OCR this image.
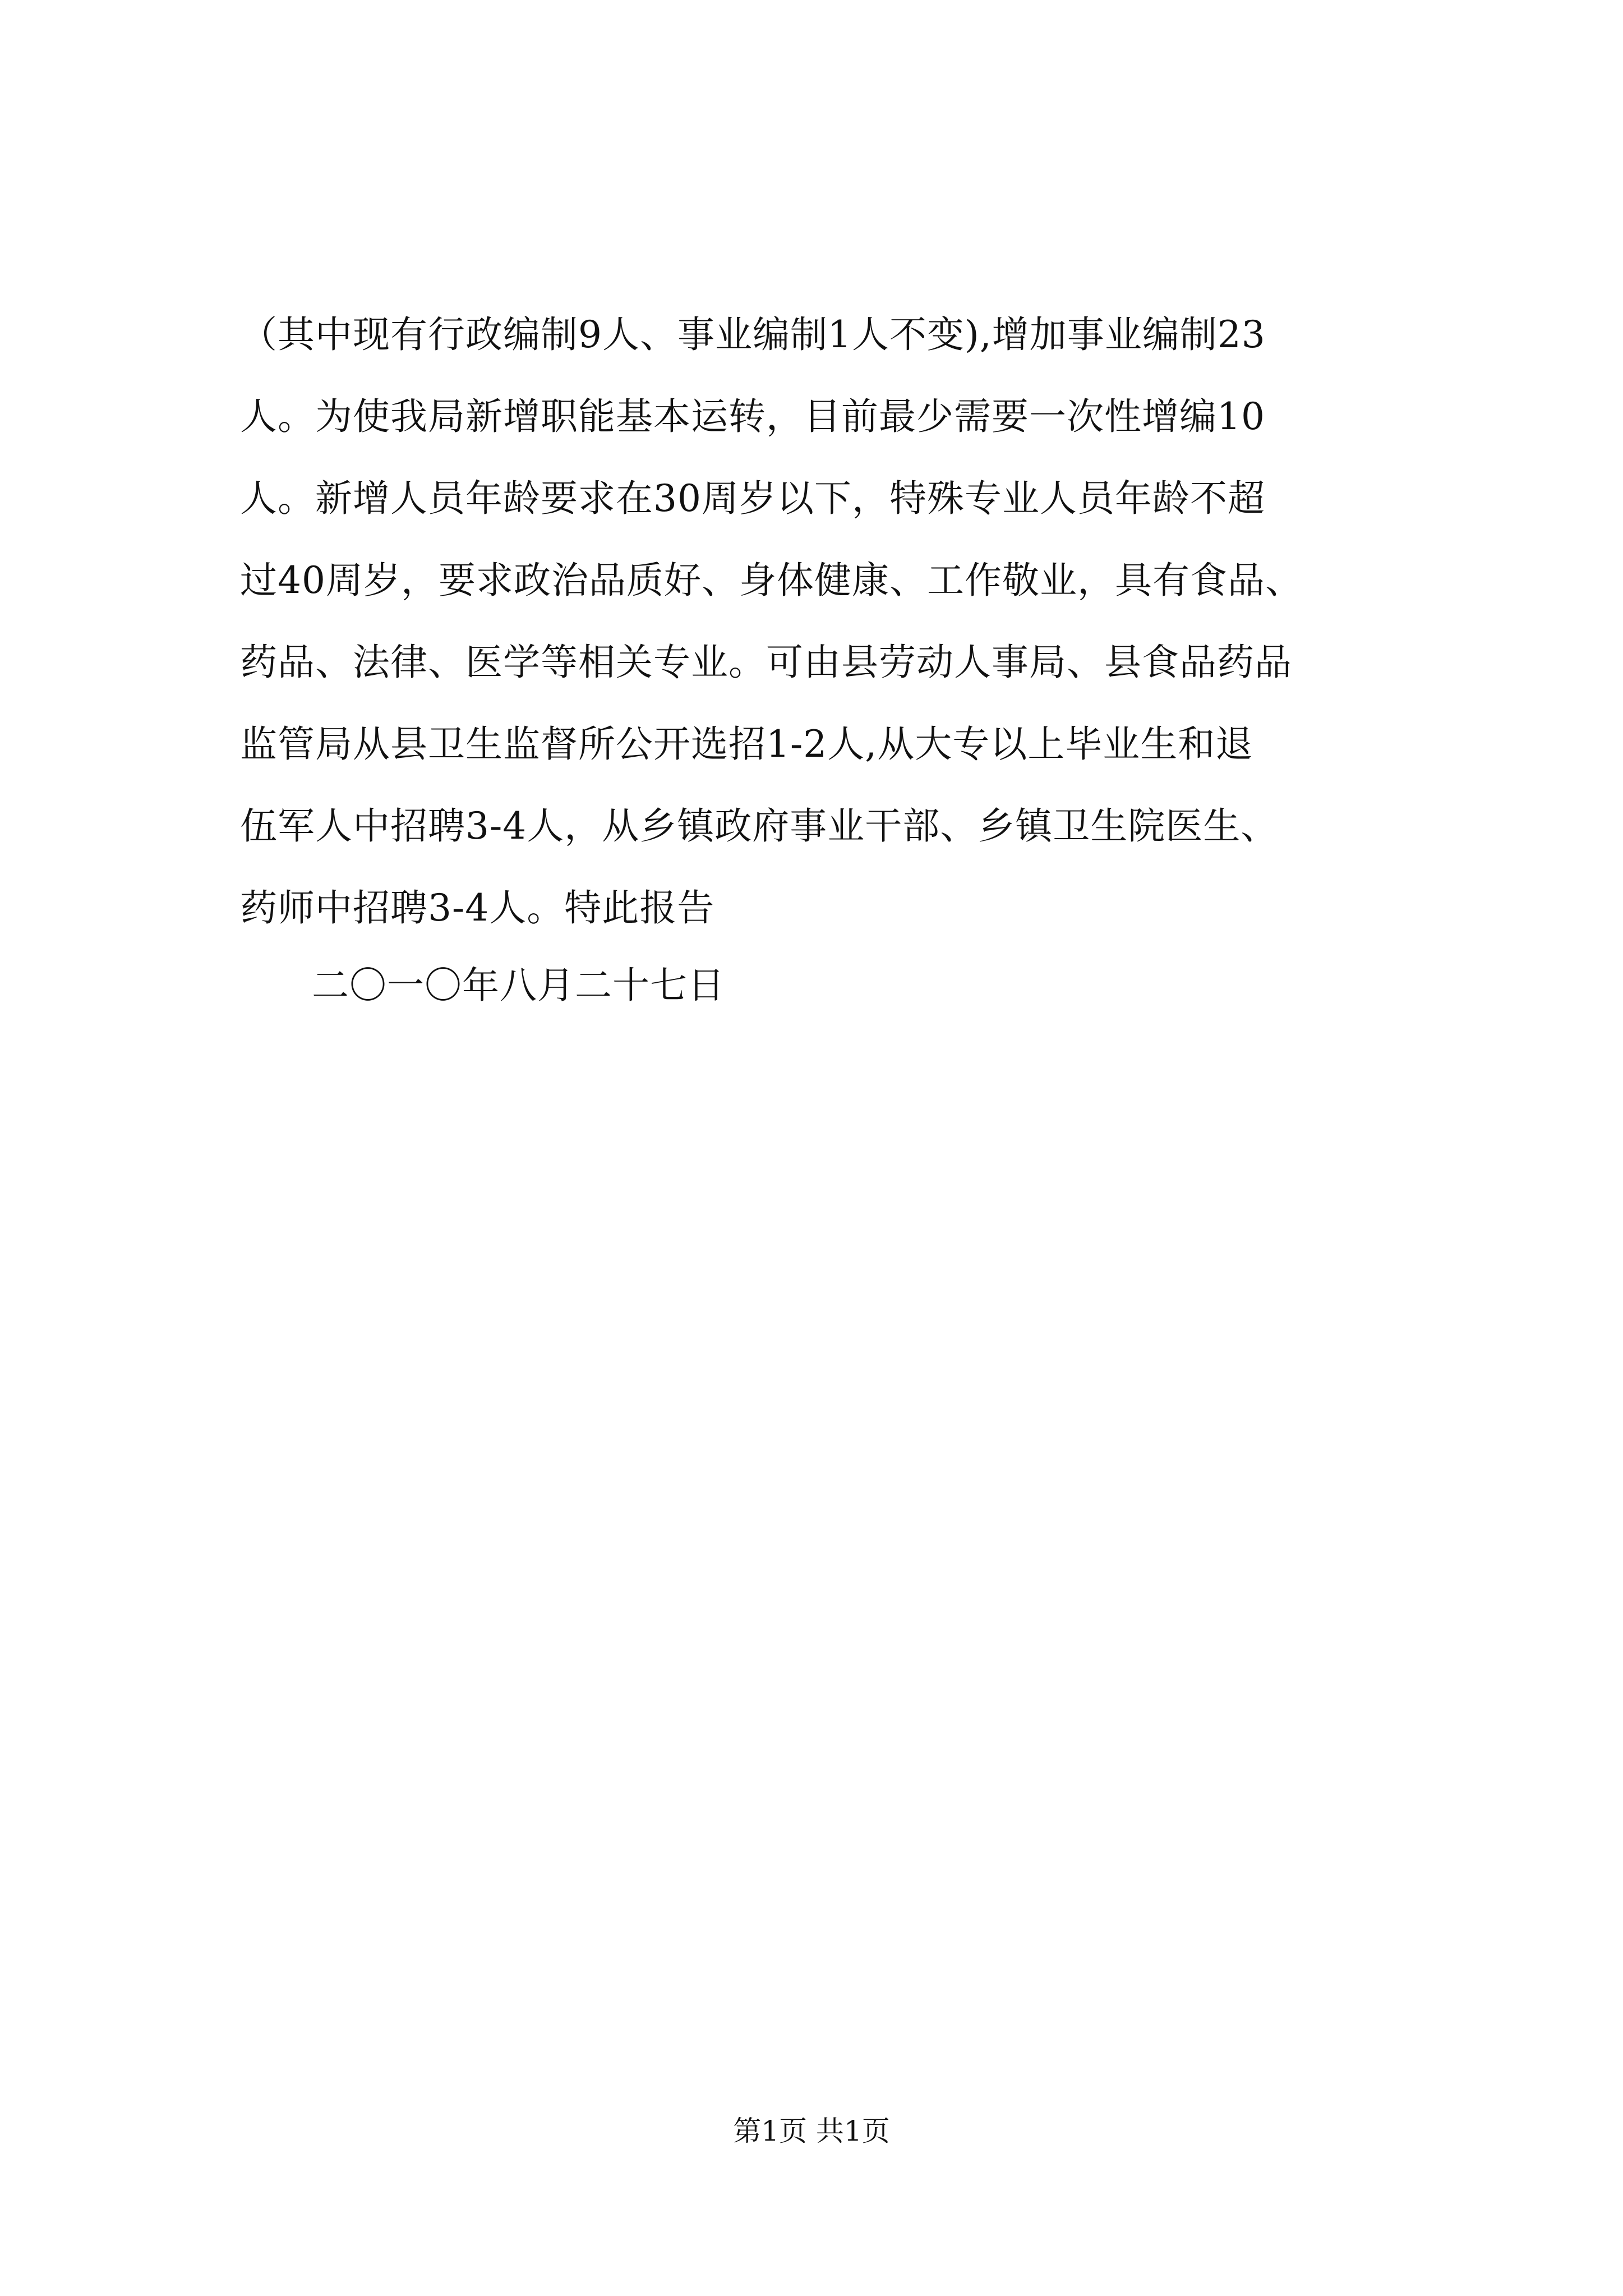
（其中现有行政编制9人、事业编制1人不变),增加事业编制23
人。为使我局新增职能基本运转，目前最少需要一次性增编10
人。新增人员年龄要求在30周岁以下，特殊专业人员年龄不超
过40周岁，要求政治品质好、身体健康、工作敬业，具有食品、
药品、法律、医学等相关专业。可由县劳动人事局、县食品药品
监管局从县卫生监督所公开选招1-2人,从大专以上毕业生和退
伍军人中招聘3-4人，从乡镇政府事业干部、乡镇卫生院医生、
药师中招聘3-4人。特此报告
二〇一〇年八月二十七日
第1页 共1页
